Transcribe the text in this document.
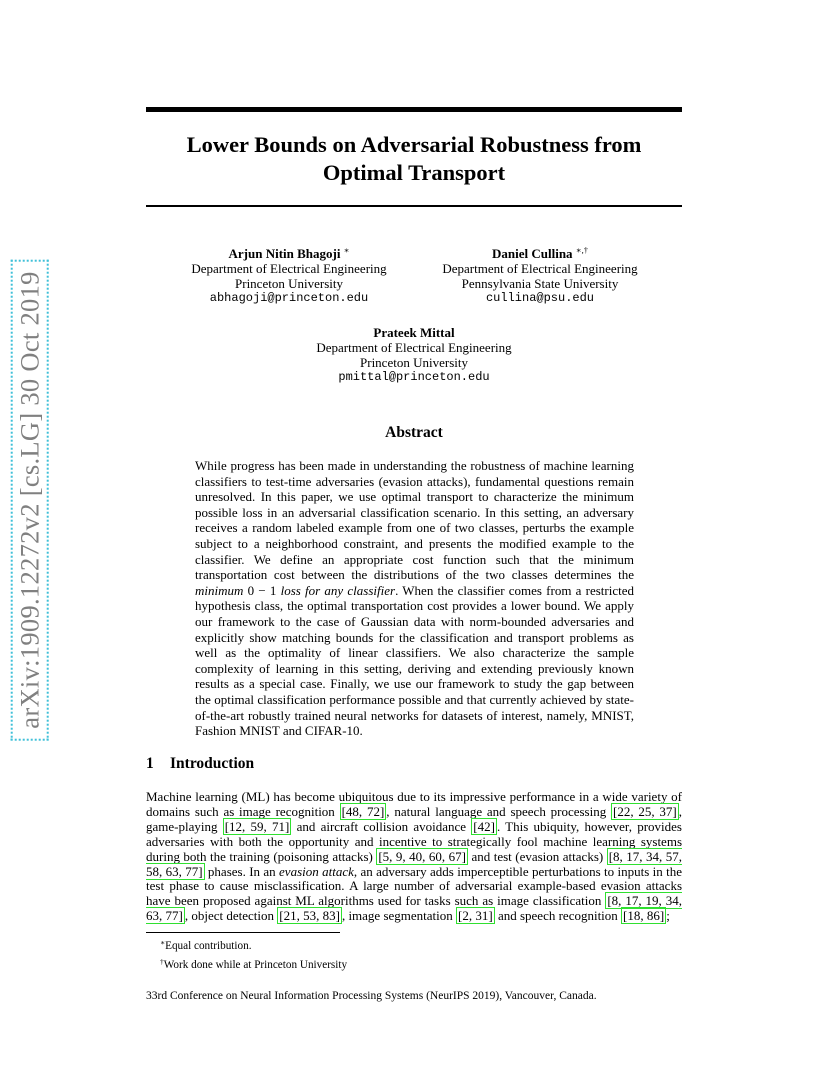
arXiv:1909.12272v2 [cs.LG] 30 Oct 2019
Lower Bounds on Adversarial Robustness from
Optimal Transport
Arjun Nitin Bhagoji ∗
Department of Electrical Engineering
Princeton University
abhagoji@princeton.edu
Daniel Cullina ∗,†
Department of Electrical Engineering
Pennsylvania State University
cullina@psu.edu
Prateek Mittal
Department of Electrical Engineering
Princeton University
pmittal@princeton.edu
Abstract

While progress has been made in understanding the robustness of machine learning classifiers to test-time adversaries (evasion attacks), fundamental questions remain unresolved. In this paper, we use optimal transport to characterize the minimum possible loss in an adversarial classification scenario. In this setting, an adversary receives a random labeled example from one of two classes, perturbs the example subject to a neighborhood constraint, and presents the modified example to the classifier. We define an appropriate cost function such that the minimum transportation cost between the distributions of the two classes determines the minimum 0 − 1 loss for any classifier. When the classifier comes from a restricted hypothesis class, the optimal transportation cost provides a lower bound. We apply our framework to the case of Gaussian data with norm-bounded adversaries and explicitly show matching bounds for the classification and transport problems as well as the optimality of linear classifiers. We also characterize the sample complexity of learning in this setting, deriving and extending previously known results as a special case. Finally, we use our framework to study the gap between the optimal classification performance possible and that currently achieved by state-of-the-art robustly trained neural networks for datasets of interest, namely, MNIST, Fashion MNIST and CIFAR-10.

1 Introduction

Machine learning (ML) has become ubiquitous due to its impressive performance in a wide variety of domains such as image recognition [48, 72] , natural language and speech processing [22, 25, 37] , game-playing [12, 59, 71] and aircraft collision avoidance [42] . This ubiquity, however, provides adversaries with both the opportunity and incentive to strategically fool machine learning systems during both the training (poisoning attacks) [5, 9, 40, 60, 67] and test (evasion attacks) [8, 17, 34, 57, 58, 63, 77] phases. In an evasion attack, an adversary adds imperceptible perturbations to inputs in the test phase to cause misclassification. A large number of adversarial example-based evasion attacks have been proposed against ML algorithms used for tasks such as image classification [8, 17, 19, 34, 63, 77] , object detection [21, 53, 83] , image segmentation [2, 31] and speech recognition [18, 86] ;

∗Equal contribution.
†Work done while at Princeton University
33rd Conference on Neural Information Processing Systems (NeurIPS 2019), Vancouver, Canada.
